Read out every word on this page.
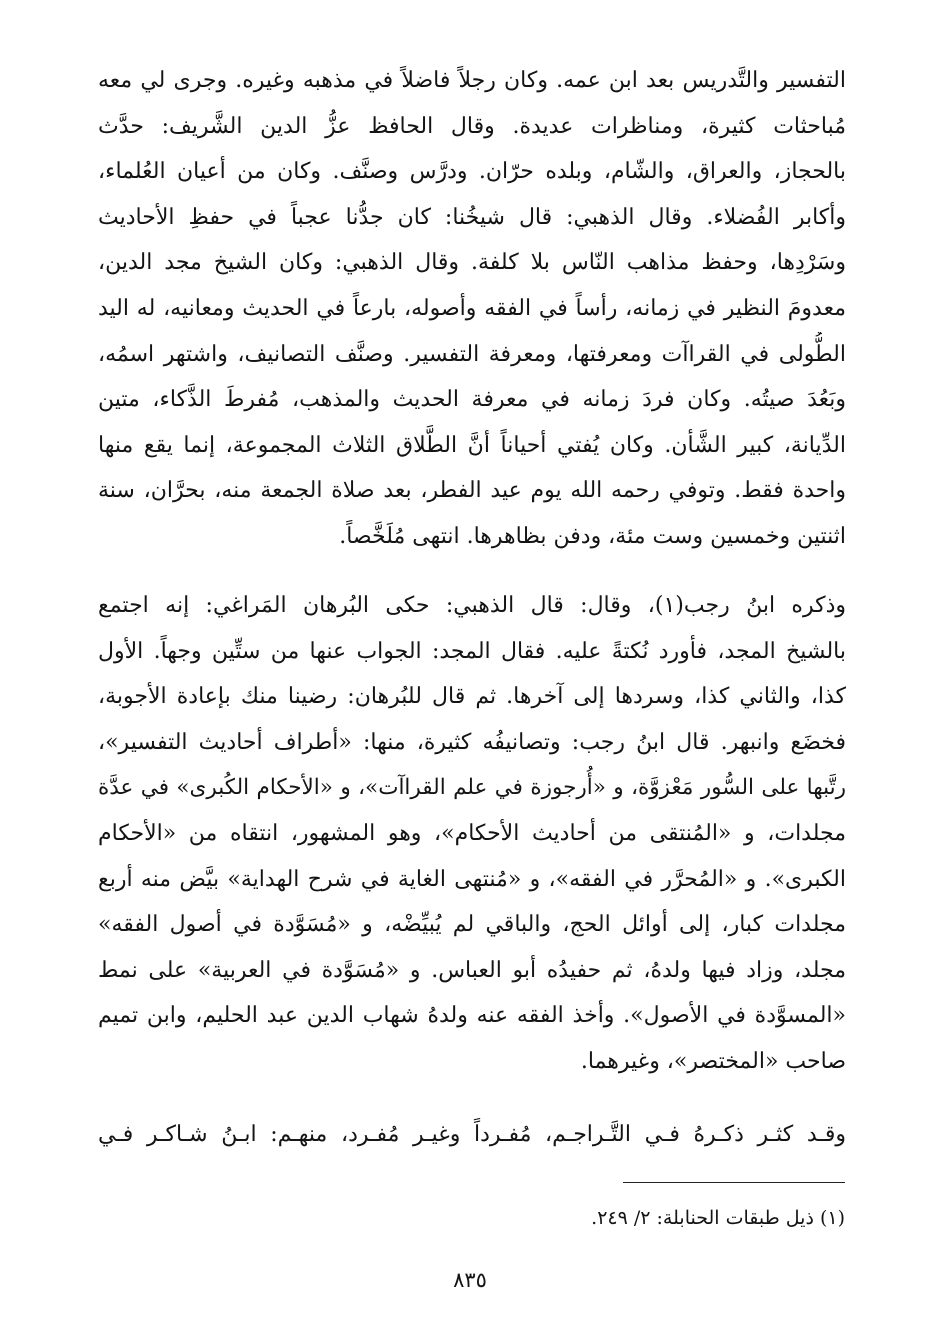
التفسير والتَّدريس بعد ابن عمه. وكان رجلاً فاضلاً في مذهبه وغيره. وجرى لي معه
مُباحثات كثيرة، ومناظرات عديدة. وقال الحافظ عزُّ الدين الشَّريف: حدَّث
بالحجاز، والعراق، والشّام، وبلده حرّان. ودرَّس وصنَّف. وكان من أعيان العُلماء،
وأكابر الفُضلاء. وقال الذهبي: قال شيخُنا: كان جدُّنا عجباً في حفظِ الأحاديث
وسَرْدِها، وحفظ مذاهب النّاس بلا كلفة. وقال الذهبي: وكان الشيخ مجد الدين،
معدومَ النظير في زمانه، رأساً في الفقه وأصوله، بارعاً في الحديث ومعانيه، له اليد
الطُّولى في القراآت ومعرفتها، ومعرفة التفسير. وصنَّف التصانيف، واشتهر اسمُه،
وبَعُدَ صيتُه. وكان فردَ زمانه في معرفة الحديث والمذهب، مُفرطَ الذَّكاء، متين
الدِّيانة، كبير الشَّأن. وكان يُفتي أحياناً أنَّ الطَّلاق الثلاث المجموعة، إنما يقع منها
واحدة فقط. وتوفي رحمه الله يوم عيد الفطر، بعد صلاة الجمعة منه، بحرَّان، سنة
اثنتين وخمسين وست مئة، ودفن بظاهرها. انتهى مُلَخَّصاً.
وذكره ابنُ رجب(١)، وقال: قال الذهبي: حكى البُرهان المَراغي: إنه اجتمع
بالشيخ المجد، فأورد نُكتةً عليه. فقال المجد: الجواب عنها من ستِّين وجهاً. الأول
كذا، والثاني كذا، وسردها إلى آخرها. ثم قال للبُرهان: رضينا منك بإعادة الأجوبة،
فخضَع وانبهر. قال ابنُ رجب: وتصانيفُه كثيرة، منها: «أطراف أحاديث التفسير»،
رتَّبها على السُّور مَعْزوَّة، و «أُرجوزة في علم القراآت»، و «الأحكام الكُبرى» في عدَّة
مجلدات، و «المُنتقى من أحاديث الأحكام»، وهو المشهور، انتقاه من «الأحكام
الكبرى». و «المُحرَّر في الفقه»، و «مُنتهى الغاية في شرح الهداية» بيَّض منه أربع
مجلدات كبار، إلى أوائل الحج، والباقي لم يُبيِّضْه، و «مُسَوَّدة في أصول الفقه»
مجلد، وزاد فيها ولدهُ، ثم حفيدُه أبو العباس. و «مُسَوَّدة في العربية» على نمط
«المسوَّدة في الأصول». وأخذ الفقه عنه ولدهُ شهاب الدين عبد الحليم، وابن تميم
صاحب «المختصر»، وغيرهما.
وقـد كثـر ذكـرهُ فـي التَّـراجـم، مُفـرداً وغيـر مُفـرد، منهـم: ابـنُ شـاكـر فـي
(١) ذيل طبقات الحنابلة: ٢/ ٢٤٩.
٨٣٥
